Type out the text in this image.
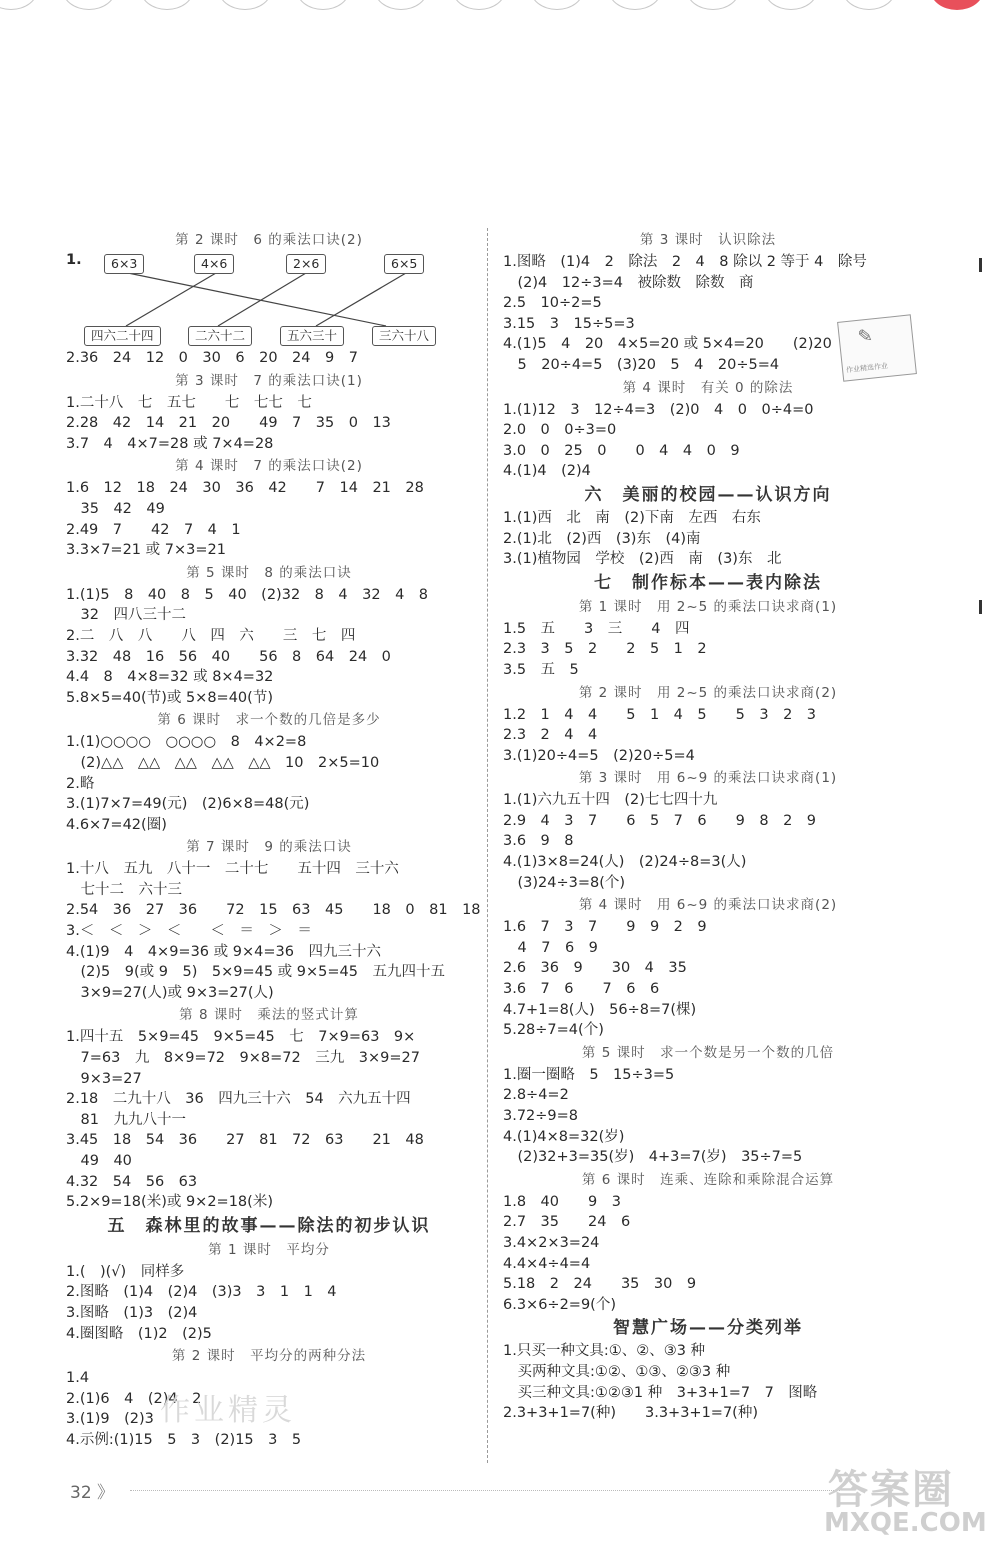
第 2 课时　6 的乘法口诀(2)
1.	6×3	4×6	2×6	6×5
四六二十四	二六十二	五六三十	三六十八
2.36　24　12　0　30　6　20　24　9　7
第 3 课时　7 的乘法口诀(1)
1.二十八　七　五七　　七　七七　七
2.28　42　14　21　20　　49　7　35　0　13
3.7　4　4×7=28 或 7×4=28
第 4 课时　7 的乘法口诀(2)
1.6　12　18　24　30　36　42　　7　14　21　28
　35　42　49
2.49　7　　42　7　4　1
3.3×7=21 或 7×3=21
第 5 课时　8 的乘法口诀
1.(1)5　8　40　8　5　40　(2)32　8　4　32　4　8
　32　四八三十二
2.二　八　八　　八　四　六　　三　七　四
3.32　48　16　56　40　　56　8　64　24　0
4.4　8　4×8=32 或 8×4=32
5.8×5=40(节)或 5×8=40(节)
第 6 课时　求一个数的几倍是多少
1.(1)○○○○　○○○○　8　4×2=8
　(2)△△　△△　△△　△△　△△　10　2×5=10
2.略
3.(1)7×7=49(元)　(2)6×8=48(元)
4.6×7=42(圈)
第 7 课时　9 的乘法口诀
1.十八　五九　八十一　二十七　　五十四　三十六
　七十二　六十三
2.54　36　27　36　　72　15　63　45　　18　0　81　18
3.＜　＜　＞　＜　　＜　＝　＞　＝
4.(1)9　4　4×9=36 或 9×4=36　四九三十六
　(2)5　9(或 9　5)　5×9=45 或 9×5=45　五九四十五
　3×9=27(人)或 9×3=27(人)
第 8 课时　乘法的竖式计算
1.四十五　5×9=45　9×5=45　七　7×9=63　9×
　7=63　九　8×9=72　9×8=72　三九　3×9=27
　9×3=27
2.18　二九十八　36　四九三十六　54　六九五十四
　81　九九八十一
3.45　18　54　36　　27　81　72　63　　21　48
　49　40
4.32　54　56　63
5.2×9=18(米)或 9×2=18(米)
五　森林里的故事——除法的初步认识
第 1 课时　平均分
1.(　)(√)　同样多
2.图略　(1)4　(2)4　(3)3　3　1　1　4
3.图略　(1)3　(2)4
4.圈图略　(1)2　(2)5
第 2 课时　平均分的两种分法
1.4
2.(1)6　4　(2)4　2
3.(1)9　(2)3
4.示例:(1)15　5　3　(2)15　3　5
第 3 课时　认识除法
1.图略　(1)4　2　除法　2　4　8 除以 2 等于 4　除号
　(2)4　12÷3=4　被除数　除数　商
2.5　10÷2=5
3.15　3　15÷5=3
4.(1)5　4　20　4×5=20 或 5×4=20　　(2)20
　5　20÷4=5　(3)20　5　4　20÷5=4
第 4 课时　有关 0 的除法
1.(1)12　3　12÷4=3　(2)0　4　0　0÷4=0
2.0　0　0÷3=0
3.0　0　25　0　　0　4　4　0　9
4.(1)4　(2)4
六　美丽的校园——认识方向
1.(1)西　北　南　(2)下南　左西　右东
2.(1)北　(2)西　(3)东　(4)南
3.(1)植物园　学校　(2)西　南　(3)东　北
七　制作标本——表内除法
第 1 课时　用 2~5 的乘法口诀求商(1)
1.5　五　　3　三　　4　四
2.3　3　5　2　　2　5　1　2
3.5　五　5
第 2 课时　用 2~5 的乘法口诀求商(2)
1.2　1　4　4　　5　1　4　5　　5　3　2　3
2.3　2　4　4
3.(1)20÷4=5　(2)20÷5=4
第 3 课时　用 6~9 的乘法口诀求商(1)
1.(1)六九五十四　(2)七七四十九
2.9　4　3　7　　6　5　7　6　　9　8　2　9
3.6　9　8
4.(1)3×8=24(人)　(2)24÷8=3(人)
　(3)24÷3=8(个)
第 4 课时　用 6~9 的乘法口诀求商(2)
1.6　7　3　7　　9　9　2　9
　4　7　6　9
2.6　36　9　　30　4　35
3.6　7　6　　7　6　6
4.7+1=8(人)　56÷8=7(棵)
5.28÷7=4(个)
第 5 课时　求一个数是另一个数的几倍
1.圈一圈略　5　15÷3=5
2.8÷4=2
3.72÷9=8
4.(1)4×8=32(岁)
　(2)32+3=35(岁)　4+3=7(岁)　35÷7=5
第 6 课时　连乘、连除和乘除混合运算
1.8　40　　9　3
2.7　35　　24　6
3.4×2×3=24
4.4×4÷4=4
5.18　2　24　　35　30　9
6.3×6÷2=9(个)
智慧广场——分类列举
1.只买一种文具:①、②、③3 种
　买两种文具:①②、①③、②③3 种
　买三种文具:①②③1 种　3+3+1=7　7　图略
2.3+3+1=7(种)　　3.3+3+1=7(种)
✎
作业精选作业
作业精灵
32 》	答案圈
MXQE.COM
